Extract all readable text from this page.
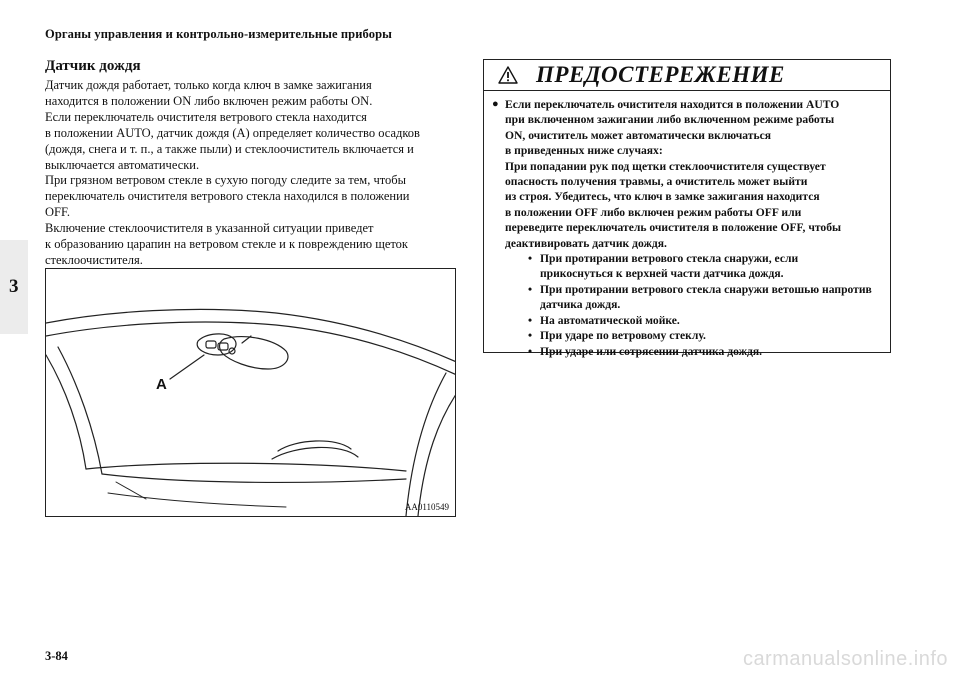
Органы управления и контрольно-измерительные приборы
3
Датчик дождя

Датчик дождя работает, только когда ключ в замке зажигания
находится в положении ON либо включен режим работы ON.

Если переключатель очистителя ветрового стекла находится
в положении AUTO, датчик дождя (A) определяет количество осадков
(дождя, снега и т. п., а также пыли) и стеклоочиститель включается и
выключается автоматически.

При грязном ветровом стекле в сухую погоду следите за тем, чтобы
переключатель очистителя ветрового стекла находился в положении
OFF.

Включение стеклоочистителя в указанной ситуации приведет
к образованию царапин на ветровом стекле и к повреждению щеток
стеклоочистителя.

A
AA0110549
ПРЕДОСТЕРЕЖЕНИЕ
● Если переключатель очистителя находится в положении AUTO
при включенном зажигании либо включенном режиме работы
ON, очиститель может автоматически включаться
в приведенных ниже случаях:
При попадании рук под щетки стеклоочистителя существует
опасность получения травмы, а очиститель может выйти
из строя. Убедитесь, что ключ в замке зажигания находится
в положении OFF либо включен режим работы OFF или
переведите переключатель очистителя в положение OFF, чтобы
деактивировать датчик дождя.
• При протирании ветрового стекла снаружи, если
прикоснуться к верхней части датчика дождя.
• При протирании ветрового стекла снаружи ветошью напротив
датчика дождя.
• На автоматической мойке.
• При ударе по ветровому стеклу.
• При ударе или сотрясении датчика дождя.
3-84	carmanualsonline.info
